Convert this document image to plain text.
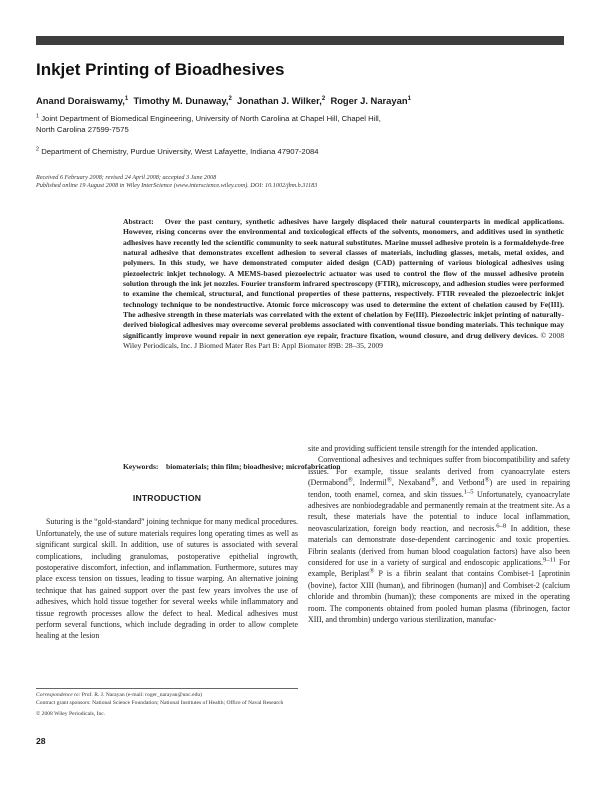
Inkjet Printing of Bioadhesives
Anand Doraiswamy,$^1$ Timothy M. Dunaway,$^2$ Jonathan J. Wilker,$^2$ Roger J. Narayan$^1$
$^1$ Joint Department of Biomedical Engineering, University of North Carolina at Chapel Hill, Chapel Hill,
North Carolina 27599-7575
$^2$ Department of Chemistry, Purdue University, West Lafayette, Indiana 47907-2084
Received 6 February 2008; revised 24 April 2008; accepted 3 June 2008
Published online 19 August 2008 in Wiley InterScience (www.interscience.wiley.com). DOI: 10.1002/jbm.b.31183
Abstract: Over the past century, synthetic adhesives have largely displaced their natural counterparts in medical applications. However, rising concerns over the environmental and toxicological effects of the solvents, monomers, and additives used in synthetic adhesives have recently led the scientific community to seek natural substitutes. Marine mussel adhesive protein is a formaldehyde-free natural adhesive that demonstrates excellent adhesion to several classes of materials, including glasses, metals, metal oxides, and polymers. In this study, we have demonstrated computer aided design (CAD) patterning of various biological adhesives using piezoelectric inkjet technology. A MEMS-based piezoelectric actuator was used to control the flow of the mussel adhesive protein solution through the ink jet nozzles. Fourier transform infrared spectroscopy (FTIR), microscopy, and adhesion studies were performed to examine the chemical, structural, and functional properties of these patterns, respectively. FTIR revealed the piezoelectric inkjet technology technique to be nondestructive. Atomic force microscopy was used to determine the extent of chelation caused by Fe(III). The adhesive strength in these materials was correlated with the extent of chelation by Fe(III). Piezoelectric inkjet printing of naturally-derived biological adhesives may overcome several problems associated with conventional tissue bonding materials. This technique may significantly improve wound repair in next generation eye repair, fracture fixation, wound closure, and drug delivery devices. © 2008 Wiley Periodicals, Inc. J Biomed Mater Res Part B: Appl Biomater 89B: 28–35, 2009
Keywords: biomaterials; thin film; bioadhesive; microfabrication
INTRODUCTION

Suturing is the “gold-standard” joining technique for many medical procedures. Unfortunately, the use of suture materials requires long operating times as well as significant surgical skill. In addition, use of sutures is associated with several complications, including granulomas, postoperative epithelial ingrowth, postoperative discomfort, infection, and inflammation. Furthermore, sutures may place excess tension on tissues, leading to tissue warping. An alternative joining technique that has gained support over the past few years involves the use of adhesives, which hold tissue together for several weeks while inflammatory and tissue regrowth processes allow the defect to heal. Medical adhesives must perform several functions, which include degrading in order to allow complete healing at the lesion

site and providing sufficient tensile strength for the intended application.

Conventional adhesives and techniques suffer from biocompatibility and safety issues. For example, tissue sealants derived from cyanoacrylate esters (Dermabond®, Indermil®, Nexaband®, and Vetbond®) are used in repairing tendon, tooth enamel, cornea, and skin tissues.$^{1-5}$ Unfortunately, cyanoacrylate adhesives are nonbiodegradable and permanently remain at the treatment site. As a result, these materials have the potential to induce local inflammation, neovascularization, foreign body reaction, and necrosis.$^{6-8}$ In addition, these materials can demonstrate dose-dependent carcinogenic and toxic properties. Fibrin sealants (derived from human blood coagulation factors) have also been considered for use in a variety of surgical and endoscopic applications.$^{9-11}$ For example, Beriplast® P is a fibrin sealant that contains Combiset-1 [aprotinin (bovine), factor XIII (human), and fibrinogen (human)] and Combiset-2 (calcium chloride and thrombin (human)); these components are mixed in the operating room. The components obtained from pooled human plasma (fibrinogen, factor XIII, and thrombin) undergo various sterilization, manufac-

Correspondence to: Prof. R. J. Narayan (e-mail: roger_narayan@unc.edu)

Contract grant sponsors: National Science Foundation; National Institutes of Health; Office of Naval Research

© 2008 Wiley Periodicals, Inc.

28
